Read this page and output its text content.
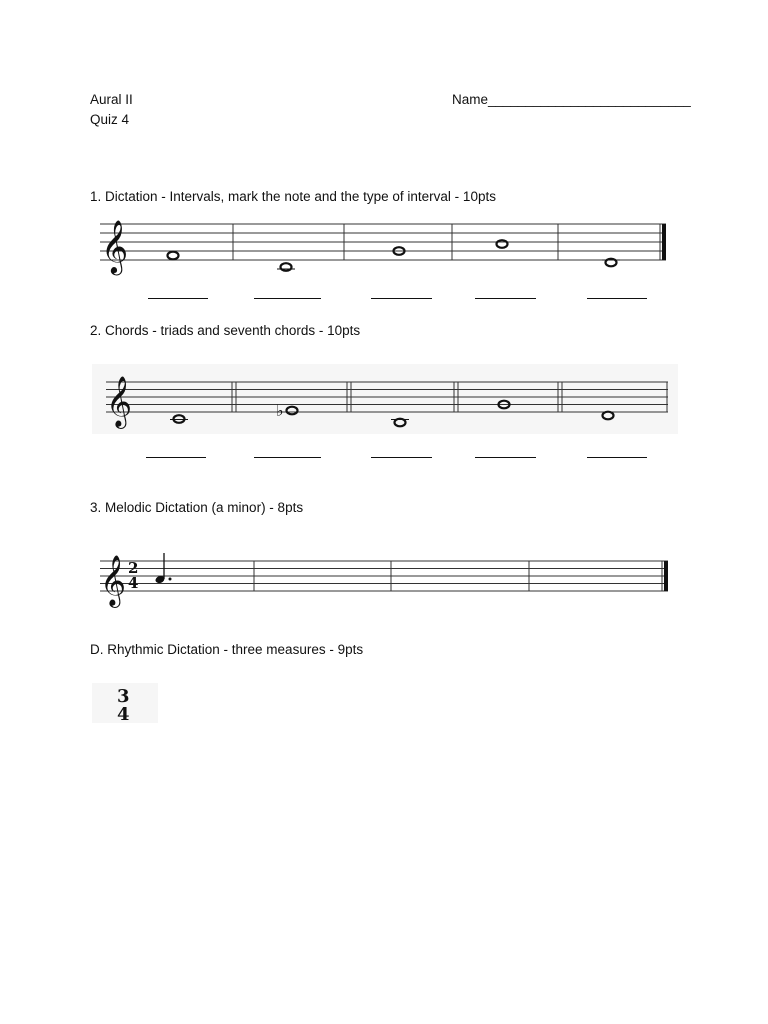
Aural II
Quiz 4
Name___________________________
1. Dictation - Intervals, mark the note and the type of interval - 10pts
𝄞
2. Chords - triads and seventh chords - 10pts
𝄞	♭
3. Melodic Dictation (a minor) - 8pts
𝄞 2
4
D. Rhythmic Dictation - three measures - 9pts
3
4
